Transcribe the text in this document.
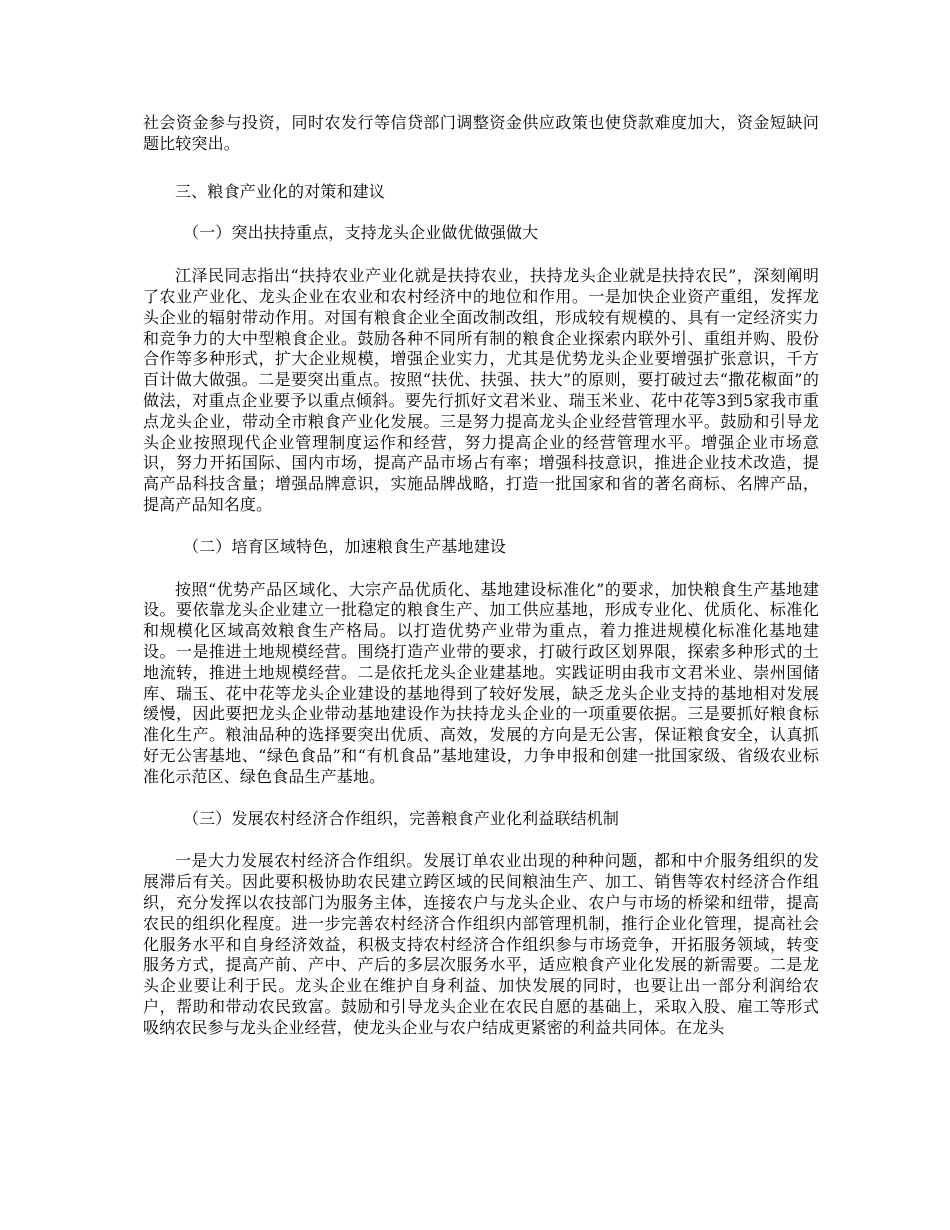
社会资金参与投资，同时农发行等信贷部门调整资金供应政策也使贷款难度加大，资金短缺问题比较突出。

三、粮食产业化的对策和建议

（一）突出扶持重点，支持龙头企业做优做强做大

江泽民同志指出“扶持农业产业化就是扶持农业，扶持龙头企业就是扶持农民”，深刻阐明了农业产业化、龙头企业在农业和农村经济中的地位和作用。一是加快企业资产重组，发挥龙头企业的辐射带动作用。对国有粮食企业全面改制改组，形成较有规模的、具有一定经济实力和竞争力的大中型粮食企业。鼓励各种不同所有制的粮食企业探索内联外引、重组并购、股份合作等多种形式，扩大企业规模，增强企业实力，尤其是优势龙头企业要增强扩张意识，千方百计做大做强。二是要突出重点。按照“扶优、扶强、扶大”的原则，要打破过去“撒花椒面”的做法，对重点企业要予以重点倾斜。要先行抓好文君米业、瑞玉米业、花中花等3到5家我市重点龙头企业，带动全市粮食产业化发展。三是努力提高龙头企业经营管理水平。鼓励和引导龙头企业按照现代企业管理制度运作和经营，努力提高企业的经营管理水平。增强企业市场意识，努力开拓国际、国内市场，提高产品市场占有率；增强科技意识，推进企业技术改造，提高产品科技含量；增强品牌意识，实施品牌战略，打造一批国家和省的著名商标、名牌产品，提高产品知名度。

（二）培育区域特色，加速粮食生产基地建设

按照“优势产品区域化、大宗产品优质化、基地建设标准化”的要求，加快粮食生产基地建设。要依靠龙头企业建立一批稳定的粮食生产、加工供应基地，形成专业化、优质化、标准化和规模化区域高效粮食生产格局。以打造优势产业带为重点，着力推进规模化标准化基地建设。一是推进土地规模经营。围绕打造产业带的要求，打破行政区划界限，探索多种形式的土地流转，推进土地规模经营。二是依托龙头企业建基地。实践证明由我市文君米业、崇州国储库、瑞玉、花中花等龙头企业建设的基地得到了较好发展，缺乏龙头企业支持的基地相对发展缓慢，因此要把龙头企业带动基地建设作为扶持龙头企业的一项重要依据。三是要抓好粮食标准化生产。粮油品种的选择要突出优质、高效，发展的方向是无公害，保证粮食安全，认真抓好无公害基地、“绿色食品”和“有机食品”基地建设，力争申报和创建一批国家级、省级农业标准化示范区、绿色食品生产基地。

（三）发展农村经济合作组织，完善粮食产业化利益联结机制

一是大力发展农村经济合作组织。发展订单农业出现的种种问题，都和中介服务组织的发展滞后有关。因此要积极协助农民建立跨区域的民间粮油生产、加工、销售等农村经济合作组织，充分发挥以农技部门为服务主体，连接农户与龙头企业、农户与市场的桥梁和纽带，提高农民的组织化程度。进一步完善农村经济合作组织内部管理机制，推行企业化管理，提高社会化服务水平和自身经济效益，积极支持农村经济合作组织参与市场竞争，开拓服务领域，转变服务方式，提高产前、产中、产后的多层次服务水平，适应粮食产业化发展的新需要。二是龙头企业要让利于民。龙头企业在维护自身利益、加快发展的同时，也要让出一部分利润给农户，帮助和带动农民致富。鼓励和引导龙头企业在农民自愿的基础上，采取入股、雇工等形式吸纳农民参与龙头企业经营，使龙头企业与农户结成更紧密的利益共同体。在龙头
